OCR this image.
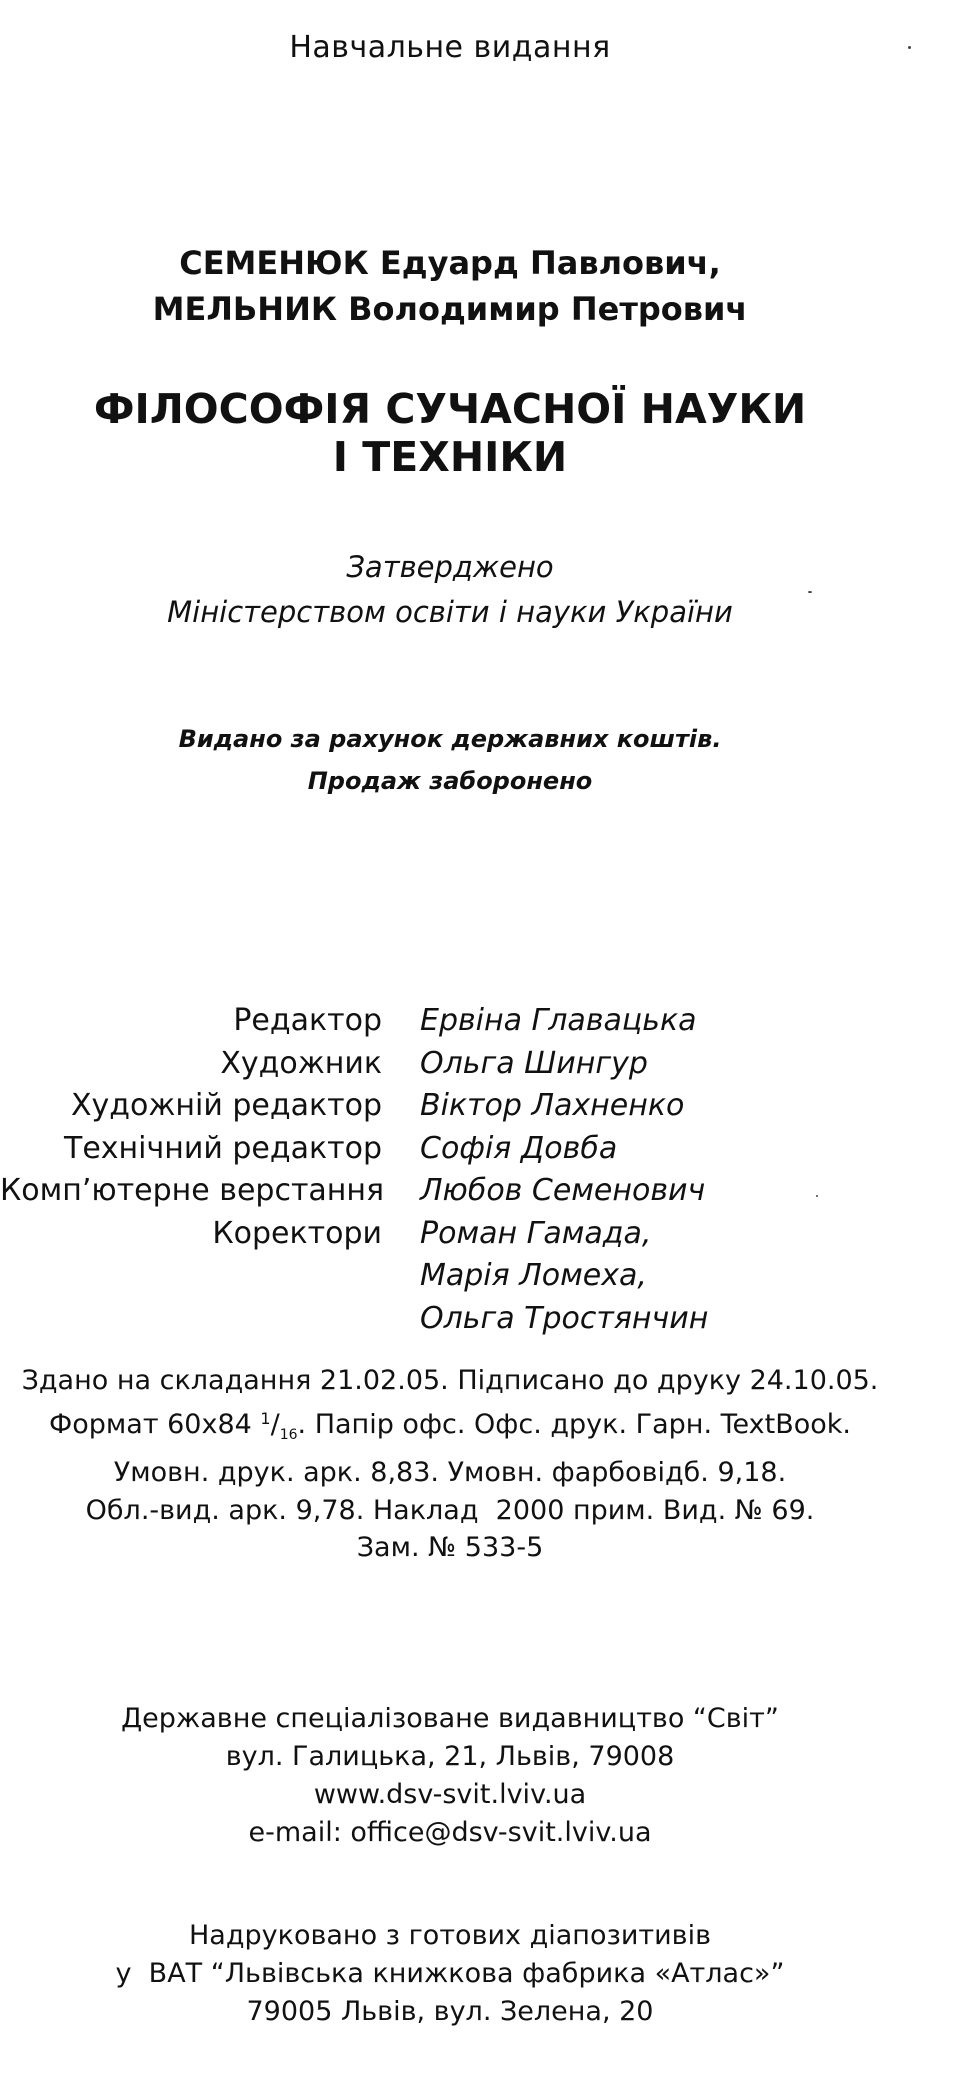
Навчальне видання
СЕМЕНЮК Едуард Павлович,
МЕЛЬНИК Володимир Петрович
ФІЛОСОФІЯ СУЧАСНОЇ НАУКИ
І ТЕХНІКИ
Затверджено
Міністерством освіти і науки України
Видано за рахунок державних коштів.
Продаж заборонено
Редактор	Ервіна Главацька
Художник	Ольга Шингур
Художній редактор	Віктор Лахненко
Технічний редактор	Софія Довба
Комп’ютерне верстання	Любов Семенович
Коректори	Роман Гамада,
Марія Ломеха,
Ольга Тростянчин
Здано на складання 21.02.05. Підписано до друку 24.10.05.
Формат 60x84 $^1/_{16}$. Папір офс. Офс. друк. Гарн. TextBook.
Умовн. друк. арк. 8,83. Умовн. фарбовідб. 9,18.
Обл.-вид. арк. 9,78. Наклад  2000 прим. Вид. № 69.
Зам. № 533-5
Державне спеціалізоване видавництво “Світ”
вул. Галицька, 21, Львів, 79008
www.dsv-svit.lviv.ua
e-mail: office@dsv-svit.lviv.ua
Надруковано з готових діапозитивів
у  ВАТ “Львівська книжкова фабрика «Атлас»”
79005 Львів, вул. Зелена, 20
